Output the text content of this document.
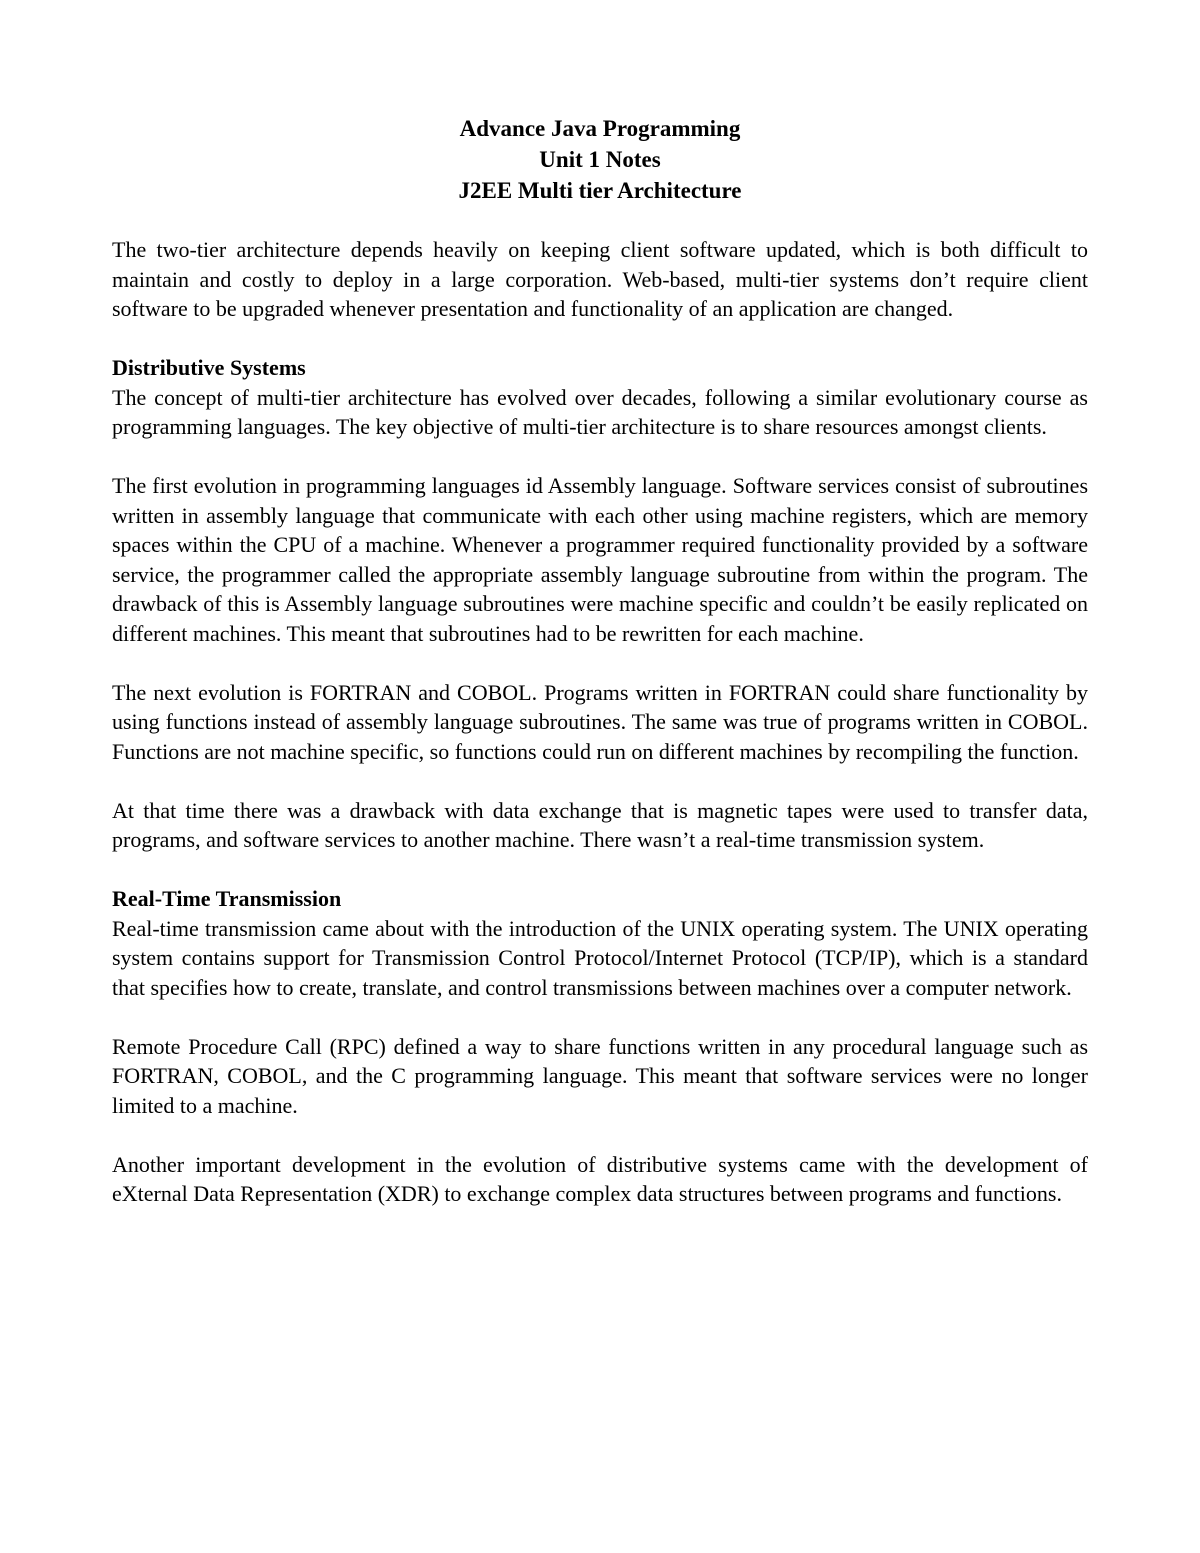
Advance Java Programming
Unit 1 Notes
J2EE Multi tier Architecture

The two-tier architecture depends heavily on keeping client software updated, which is both difficult to maintain and costly to deploy in a large corporation. Web-based, multi-tier systems don’t require client software to be upgraded whenever presentation and functionality of an application are changed.

Distributive Systems

The concept of multi-tier architecture has evolved over decades, following a similar evolutionary course as programming languages. The key objective of multi-tier architecture is to share resources amongst clients.

The first evolution in programming languages id Assembly language. Software services consist of subroutines written in assembly language that communicate with each other using machine registers, which are memory spaces within the CPU of a machine. Whenever a programmer required functionality provided by a software service, the programmer called the appropriate assembly language subroutine from within the program. The drawback of this is Assembly language subroutines were machine specific and couldn’t be easily replicated on different machines. This meant that subroutines had to be rewritten for each machine.

The next evolution is FORTRAN and COBOL. Programs written in FORTRAN could share functionality by using functions instead of assembly language subroutines. The same was true of programs written in COBOL. Functions are not machine specific, so functions could run on different machines by recompiling the function.

At that time there was a drawback with data exchange that is magnetic tapes were used to transfer data, programs, and software services to another machine. There wasn’t a real-time transmission system.

Real-Time Transmission

Real-time transmission came about with the introduction of the UNIX operating system. The UNIX operating system contains support for Transmission Control Protocol/Internet Protocol (TCP/IP), which is a standard that specifies how to create, translate, and control transmissions between machines over a computer network.

Remote Procedure Call (RPC) defined a way to share functions written in any procedural language such as FORTRAN, COBOL, and the C programming language. This meant that software services were no longer limited to a machine.

Another important development in the evolution of distributive systems came with the development of eXternal Data Representation (XDR) to exchange complex data structures between programs and functions.
